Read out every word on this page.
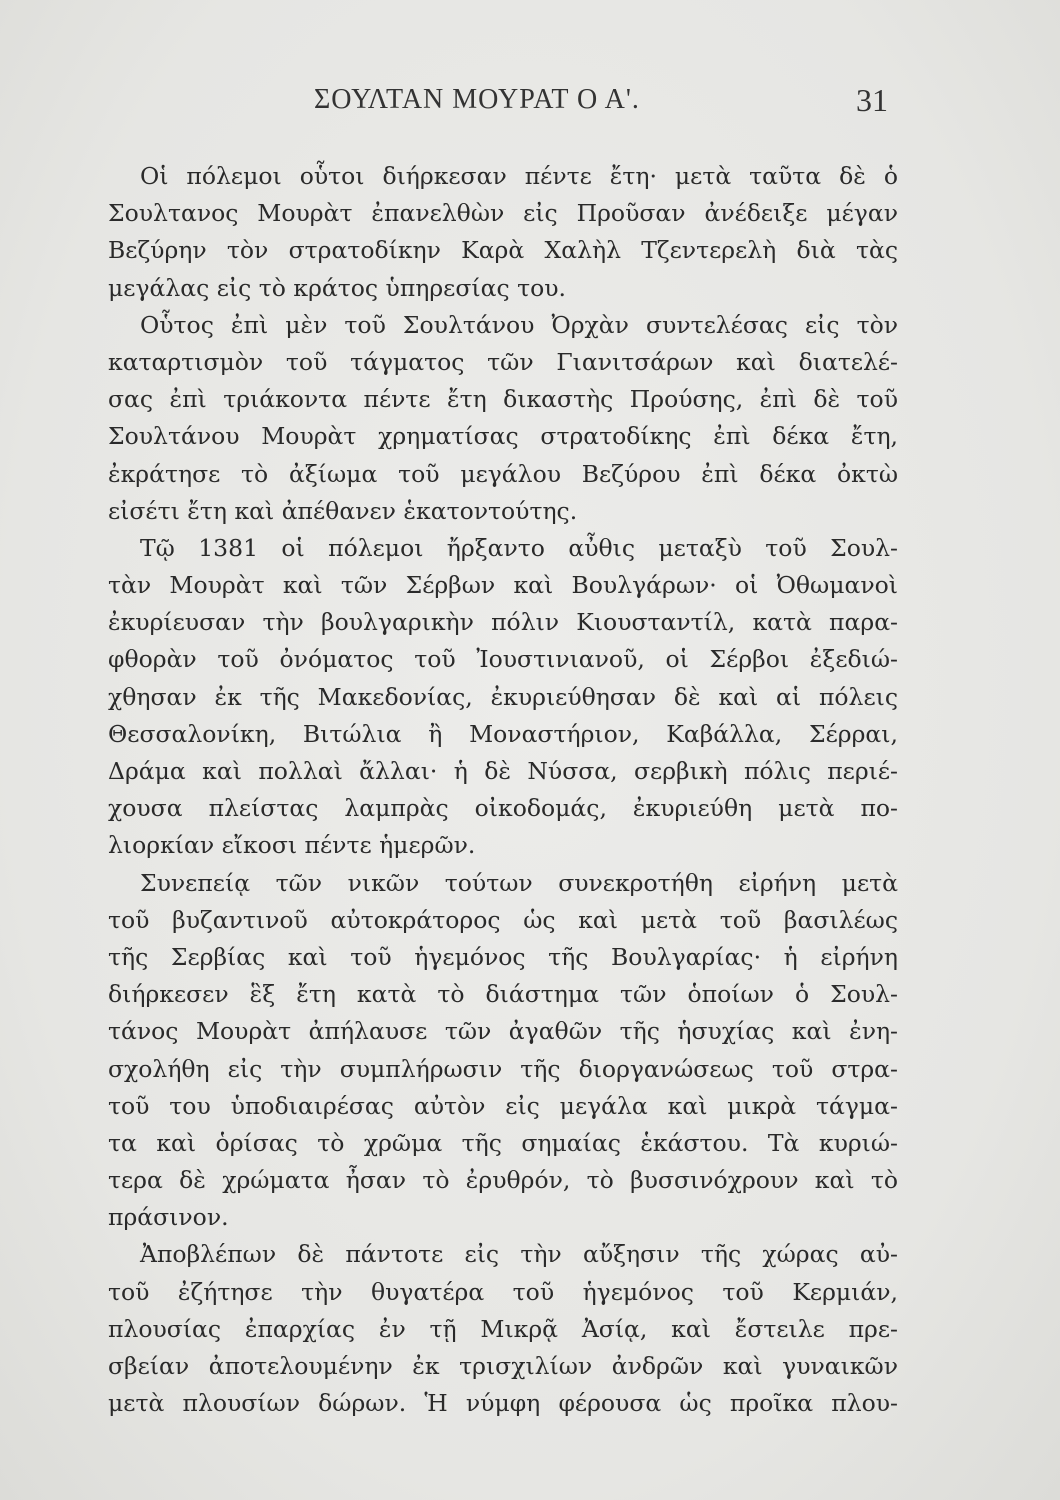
ΣΟΥΛΤΑΝ ΜΟΥΡΑΤ Ο Α'.	31
Οἱ πόλεμοι οὗτοι διήρκεσαν πέντε ἔτη· μετὰ ταῦτα δὲ ὁ
Σουλτανος Μουρὰτ ἐπανελθὼν εἰς Προῦσαν ἀνέδειξε μέγαν
Βεζύρην τὸν στρατοδίκην Καρὰ Χαλὴλ Τζεντερελὴ διὰ τὰς
μεγάλας εἰς τὸ κράτος ὑπηρεσίας του.
Οὗτος ἐπὶ μὲν τοῦ Σουλτάνου Ὀρχὰν συντελέσας εἰς τὸν
καταρτισμὸν τοῦ τάγματος τῶν Γιανιτσάρων καὶ διατελέ-
σας ἐπὶ τριάκοντα πέντε ἔτη δικαστὴς Προύσης, ἐπὶ δὲ τοῦ
Σουλτάνου Μουρὰτ χρηματίσας στρατοδίκης ἐπὶ δέκα ἔτη,
ἐκράτησε τὸ ἀξίωμα τοῦ μεγάλου Βεζύρου ἐπὶ δέκα ὀκτὼ
εἰσέτι ἔτη καὶ ἀπέθανεν ἑκατοντούτης.
Τῷ 1381 οἱ πόλεμοι ἤρξαντο αὖθις μεταξὺ τοῦ Σουλ-
τὰν Μουρὰτ καὶ τῶν Σέρβων καὶ Βουλγάρων· οἱ Ὀθωμανοὶ
ἐκυρίευσαν τὴν βουλγαρικὴν πόλιν Κιουσταντίλ, κατὰ παρα-
φθορὰν τοῦ ὀνόματος τοῦ Ἰουστινιανοῦ, οἱ Σέρβοι ἐξεδιώ-
χθησαν ἐκ τῆς Μακεδονίας, ἐκυριεύθησαν δὲ καὶ αἱ πόλεις
Θεσσαλονίκη, Βιτώλια ἢ Μοναστήριον, Καβάλλα, Σέρραι,
Δράμα καὶ πολλαὶ ἄλλαι· ἡ δὲ Νύσσα, σερβικὴ πόλις περιέ-
χουσα πλείστας λαμπρὰς οἰκοδομάς, ἐκυριεύθη μετὰ πο-
λιορκίαν εἴκοσι πέντε ἡμερῶν.
Συνεπείᾳ τῶν νικῶν τούτων συνεκροτήθη εἰρήνη μετὰ
τοῦ βυζαντινοῦ αὐτοκράτορος ὡς καὶ μετὰ τοῦ βασιλέως
τῆς Σερβίας καὶ τοῦ ἡγεμόνος τῆς Βουλγαρίας· ἡ εἰρήνη
διήρκεσεν ἓξ ἔτη κατὰ τὸ διάστημα τῶν ὁποίων ὁ Σουλ-
τάνος Μουρὰτ ἀπήλαυσε τῶν ἀγαθῶν τῆς ἡσυχίας καὶ ἐνη-
σχολήθη εἰς τὴν συμπλήρωσιν τῆς διοργανώσεως τοῦ στρα-
τοῦ του ὑποδιαιρέσας αὐτὸν εἰς μεγάλα καὶ μικρὰ τάγμα-
τα καὶ ὁρίσας τὸ χρῶμα τῆς σημαίας ἑκάστου. Τὰ κυριώ-
τερα δὲ χρώματα ἦσαν τὸ ἐρυθρόν, τὸ βυσσινόχρουν καὶ τὸ
πράσινον.
Ἀποβλέπων δὲ πάντοτε εἰς τὴν αὔξησιν τῆς χώρας αὐ-
τοῦ ἐζήτησε τὴν θυγατέρα τοῦ ἡγεμόνος τοῦ Κερμιάν,
πλουσίας ἐπαρχίας ἐν τῇ Μικρᾷ Ἀσίᾳ, καὶ ἔστειλε πρε-
σβείαν ἀποτελουμένην ἐκ τρισχιλίων ἀνδρῶν καὶ γυναικῶν
μετὰ πλουσίων δώρων. Ἡ νύμφη φέρουσα ὡς προῖκα πλου-
